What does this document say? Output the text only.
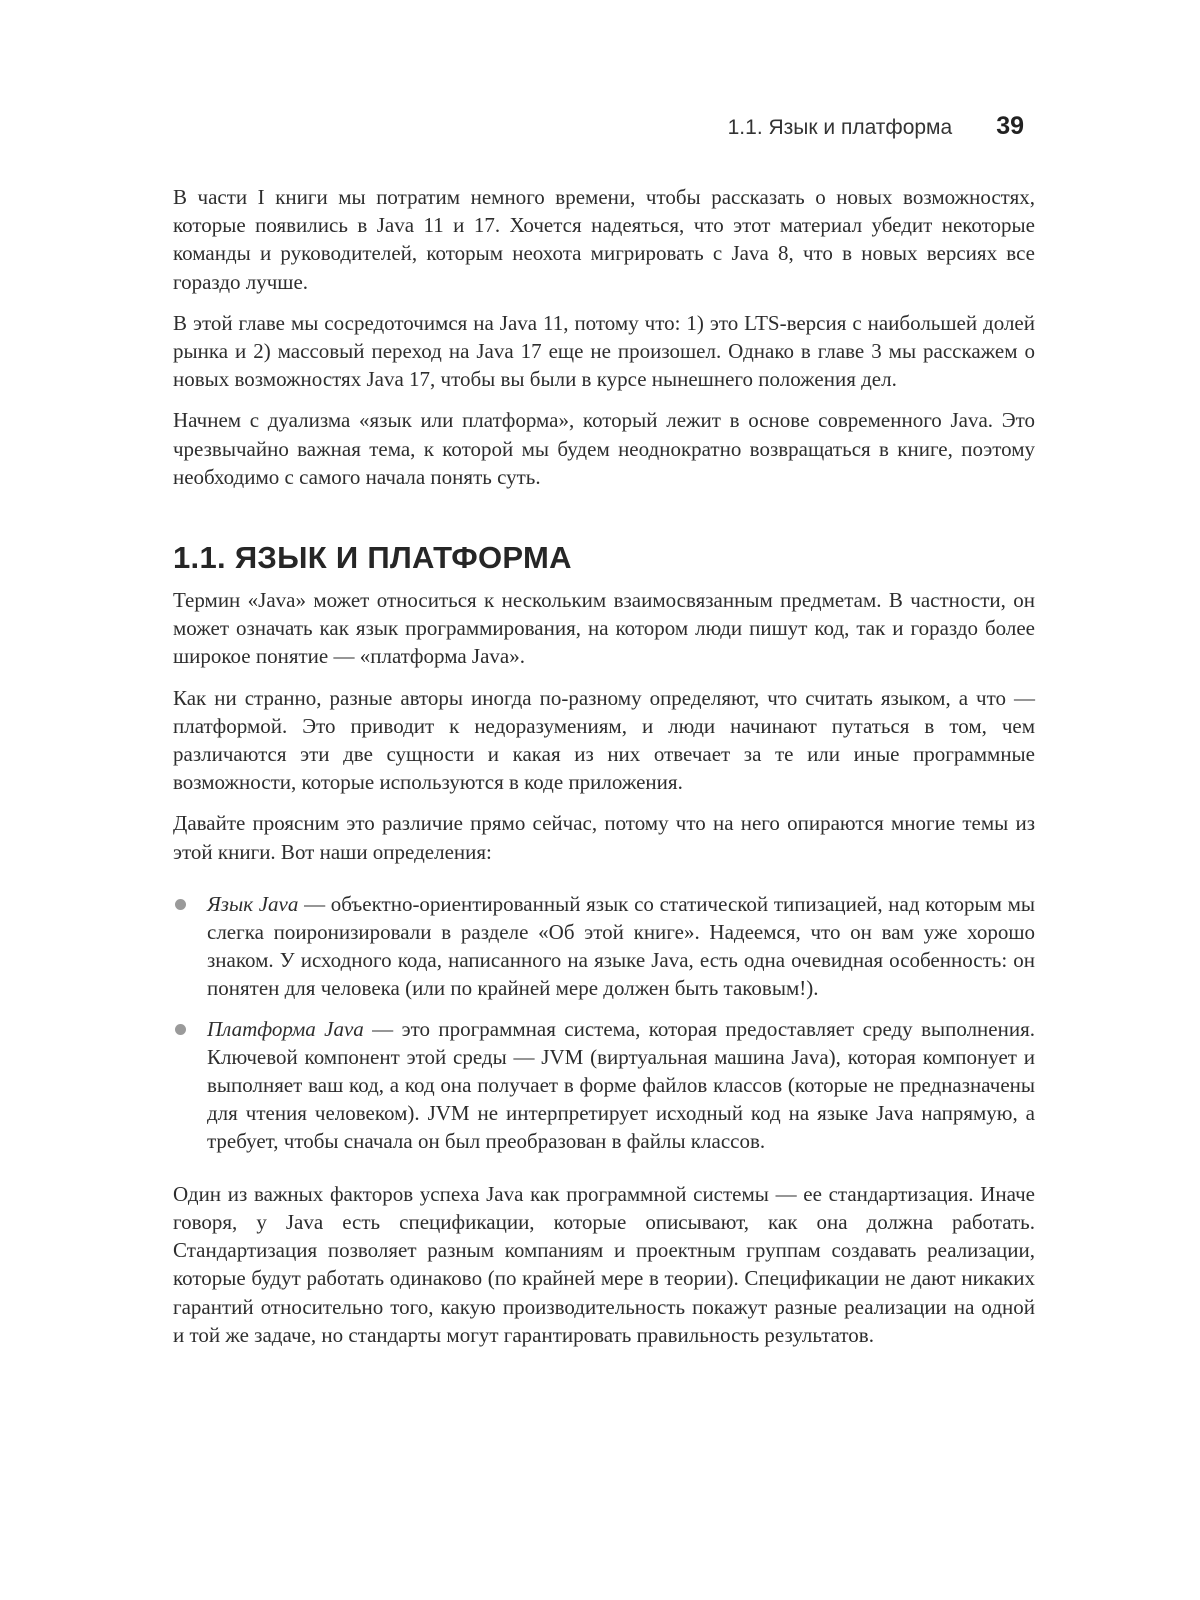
1.1. Язык и платформа 39

В части I книги мы потратим немного времени, чтобы рассказать о новых возможностях, которые появились в Java 11 и 17. Хочется надеяться, что этот материал убедит некоторые команды и руководителей, которым неохота мигрировать с Java 8, что в новых версиях все гораздо лучше.

В этой главе мы сосредоточимся на Java 11, потому что: 1) это LTS-версия с наибольшей долей рынка и 2) массовый переход на Java 17 еще не произошел. Однако в главе 3 мы расскажем о новых возможностях Java 17, чтобы вы были в курсе нынешнего положения дел.

Начнем с дуализма «язык или платформа», который лежит в основе современного Java. Это чрезвычайно важная тема, к которой мы будем неоднократно возвращаться в книге, поэтому необходимо с самого начала понять суть.

1.1. ЯЗЫК И ПЛАТФОРМА

Термин «Java» может относиться к нескольким взаимосвязанным предметам. В частности, он может означать как язык программирования, на котором люди пишут код, так и гораздо более широкое понятие — «платформа Java».

Как ни странно, разные авторы иногда по-разному определяют, что считать языком, а что — платформой. Это приводит к недоразумениям, и люди начинают путаться в том, чем различаются эти две сущности и какая из них отвечает за те или иные программные возможности, которые используются в коде приложения.

Давайте проясним это различие прямо сейчас, потому что на него опираются многие темы из этой книги. Вот наши определения:

Язык Java — объектно-ориентированный язык со статической типизацией, над которым мы слегка поиронизировали в разделе «Об этой книге». Надеемся, что он вам уже хорошо знаком. У исходного кода, написанного на языке Java, есть одна очевидная особенность: он понятен для человека (или по крайней мере должен быть таковым!).
Платформа Java — это программная система, которая предоставляет среду выполнения. Ключевой компонент этой среды — JVM (виртуальная машина Java), которая компонует и выполняет ваш код, а код она получает в форме файлов классов (которые не предназначены для чтения человеком). JVM не интерпретирует исходный код на языке Java напрямую, а требует, чтобы сначала он был преобразован в файлы классов.

Один из важных факторов успеха Java как программной системы — ее стандартизация. Иначе говоря, у Java есть спецификации, которые описывают, как она должна работать. Стандартизация позволяет разным компаниям и проектным группам создавать реализации, которые будут работать одинаково (по крайней мере в теории). Спецификации не дают никаких гарантий относительно того, какую производительность покажут разные реализации на одной и той же задаче, но стандарты могут гарантировать правильность результатов.
